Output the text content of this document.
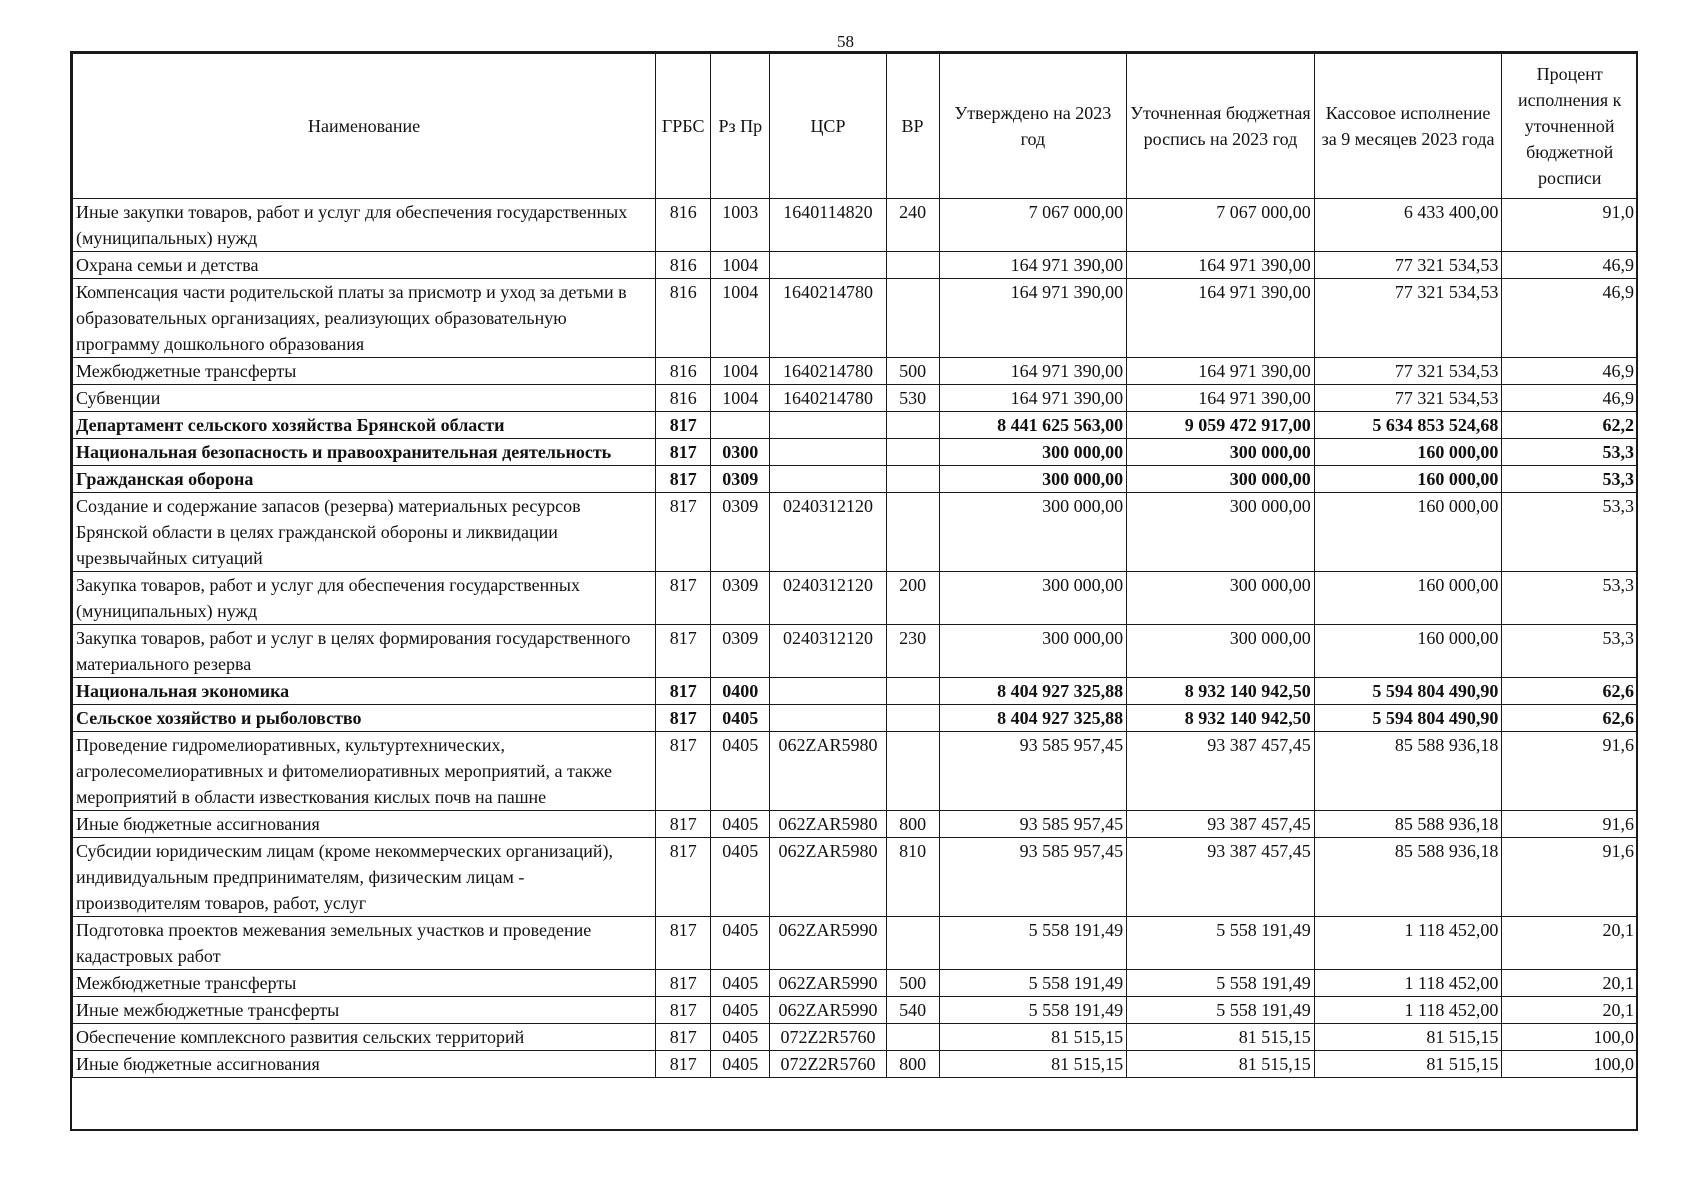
58
Наименование	ГРБС	Рз Пр	ЦСР	ВР	Утверждено на 2023 год	Уточненная бюджетная роспись на 2023 год	Кассовое исполнение за 9 месяцев 2023 года	Процент исполнения к уточненной бюджетной росписи
Иные закупки товаров, работ и услуг для обеспечения государственных (муниципальных) нужд	816	1003	1640114820	240	7 067 000,00	7 067 000,00	6 433 400,00	91,0
Охрана семьи и детства	816	1004			164 971 390,00	164 971 390,00	77 321 534,53	46,9
Компенсация части родительской платы за присмотр и уход за детьми в образовательных организациях, реализующих образовательную программу дошкольного образования	816	1004	1640214780		164 971 390,00	164 971 390,00	77 321 534,53	46,9
Межбюджетные трансферты	816	1004	1640214780	500	164 971 390,00	164 971 390,00	77 321 534,53	46,9
Субвенции	816	1004	1640214780	530	164 971 390,00	164 971 390,00	77 321 534,53	46,9
Департамент сельского хозяйства Брянской области	817				8 441 625 563,00	9 059 472 917,00	5 634 853 524,68	62,2
Национальная безопасность и правоохранительная деятельность	817	0300			300 000,00	300 000,00	160 000,00	53,3
Гражданская оборона	817	0309			300 000,00	300 000,00	160 000,00	53,3
Создание и содержание запасов (резерва) материальных ресурсов Брянской области в целях гражданской обороны и ликвидации чрезвычайных ситуаций	817	0309	0240312120		300 000,00	300 000,00	160 000,00	53,3
Закупка товаров, работ и услуг для обеспечения государственных (муниципальных) нужд	817	0309	0240312120	200	300 000,00	300 000,00	160 000,00	53,3
Закупка товаров, работ и услуг в целях формирования государственного материального резерва	817	0309	0240312120	230	300 000,00	300 000,00	160 000,00	53,3
Национальная экономика	817	0400			8 404 927 325,88	8 932 140 942,50	5 594 804 490,90	62,6
Сельское хозяйство и рыболовство	817	0405			8 404 927 325,88	8 932 140 942,50	5 594 804 490,90	62,6
Проведение гидромелиоративных, культуртехнических, агролесомелиоративных и фитомелиоративных мероприятий, а также мероприятий в области известкования кислых почв на пашне	817	0405	062ZAR5980		93 585 957,45	93 387 457,45	85 588 936,18	91,6
Иные бюджетные ассигнования	817	0405	062ZAR5980	800	93 585 957,45	93 387 457,45	85 588 936,18	91,6
Субсидии юридическим лицам (кроме некоммерческих организаций), индивидуальным предпринимателям, физическим лицам - производителям товаров, работ, услуг	817	0405	062ZAR5980	810	93 585 957,45	93 387 457,45	85 588 936,18	91,6
Подготовка проектов межевания земельных участков и проведение кадастровых работ	817	0405	062ZAR5990		5 558 191,49	5 558 191,49	1 118 452,00	20,1
Межбюджетные трансферты	817	0405	062ZAR5990	500	5 558 191,49	5 558 191,49	1 118 452,00	20,1
Иные межбюджетные трансферты	817	0405	062ZAR5990	540	5 558 191,49	5 558 191,49	1 118 452,00	20,1
Обеспечение комплексного развития сельских территорий	817	0405	072Z2R5760		81 515,15	81 515,15	81 515,15	100,0
Иные бюджетные ассигнования	817	0405	072Z2R5760	800	81 515,15	81 515,15	81 515,15	100,0
